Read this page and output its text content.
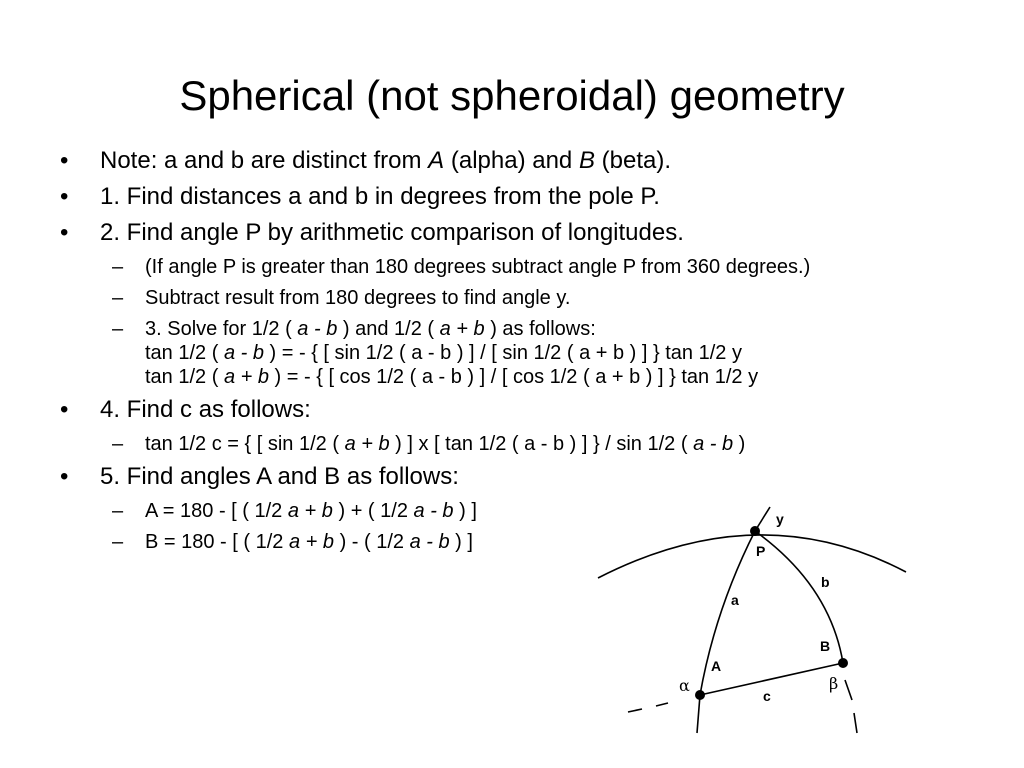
Spherical (not spheroidal) geometry
• Note: a and b are distinct from A (alpha) and B (beta).
• 1. Find distances a and b in degrees from the pole P.
• 2. Find angle P by arithmetic comparison of longitudes.
– (If angle P is greater than 180 degrees subtract angle P from 360 degrees.)
– Subtract result from 180 degrees to find angle y.
– 3. Solve for 1/2 ( a - b ) and 1/2 ( a + b ) as follows:
tan 1/2 ( a - b ) = - { [ sin 1/2 ( a - b ) ] / [ sin 1/2 ( a + b ) ] } tan 1/2 y
tan 1/2 ( a + b ) = - { [ cos 1/2 ( a - b ) ] / [ cos 1/2 ( a + b ) ] } tan 1/2 y
• 4. Find c as follows:
– tan 1/2 c = { [ sin 1/2 ( a + b ) ] x [ tan 1/2 ( a - b ) ] } / sin 1/2 ( a - b )
• 5. Find angles A and B as follows:
– A = 180 - [ ( 1/2 a + b ) + ( 1/2 a - b ) ]
– B = 180 - [ ( 1/2 a + b ) - ( 1/2 a - b ) ]
y
P
b
a
B
A
α	β
c
